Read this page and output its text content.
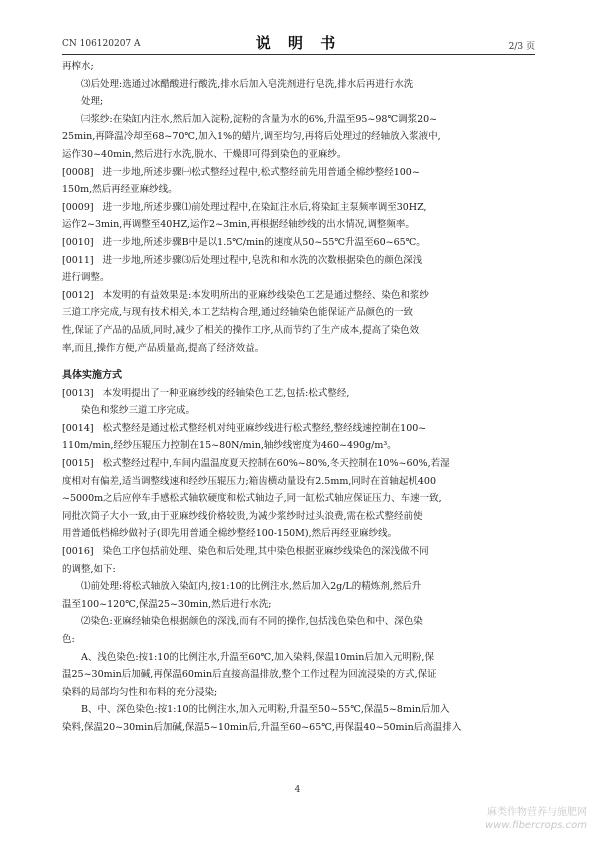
CN 106120207 A	说 明 书	2/3 页

再榨水;

⑶后处理:选通过冰醋酸进行酸洗,排水后加入皂洗剂进行皂洗,排水后再进行水洗

处理;

㈢浆纱:在染缸内注水,然后加入淀粉,淀粉的含量为水的6%,升温至95~98℃调浆20~

25min,再降温冷却至68~70℃,加入1%的蜡片,调至均匀,再将后处理过的经轴放入浆液中,

运作30~40min,然后进行水洗,脱水、干燥即可得到染色的亚麻纱。

[0008] 进一步地,所述步骤㈠松式整经过程中,松式整经前先用普通全棉纱整经100~

150m,然后再经亚麻纱线。

[0009] 进一步地,所述步骤⑴前处理过程中,在染缸注水后,将染缸主泵频率调至30HZ,

运作2~3min,再调整至40HZ,运作2~3min,再根据经轴纱线的出水情况,调整频率。

[0010] 进一步地,所述步骤B中是以1.5℃/min的速度从50~55℃升温至60~65℃。

[0011] 进一步地,所述步骤⑶后处理过程中,皂洗和和水洗的次数根据染色的颜色深浅

进行调整。

[0012] 本发明的有益效果是:本发明所出的亚麻纱线染色工艺是通过整经、染色和浆纱

三道工序完成,与现有技术相关,本工艺结构合理,通过经轴染色能保证产品颜色的一致

性,保证了产品的品质,同时,减少了相关的操作工序,从而节约了生产成本,提高了染色效

率,而且,操作方便,产品质量高,提高了经济效益。

具体实施方式

[0013] 本发明提出了一种亚麻纱线的经轴染色工艺,包括:松式整经,

染色和浆纱三道工序完成。

[0014] 松式整经是通过松式整经机对纯亚麻纱线进行松式整经,整经线速控制在100~

110m/min,经纱压辊压力控制在15~80N/min,轴纱线密度为460~490g/m³。

[0015] 松式整经过程中,车间内温温度夏天控制在60%~80%,冬天控制在10%~60%,若湿

度相对有偏差,适当调整线速和经纱压辊压力;箱齿横动量设有2.5mm,同时在首轴起机400

~5000m之后应停车手感松式轴软硬度和松式轴边子,同一缸松式轴应保证压力、车速一致,

同批次筒子大小一致,由于亚麻纱线价格较贵,为减少浆纱时过头浪费,需在松式整经前使

用普通低档棉纱做衬子(即先用普通全棉纱整经100-150M),然后再经亚麻纱线。

[0016] 染色工序包括前处理、染色和后处理,其中染色根据亚麻纱线染色的深浅做不同

的调整,如下:

⑴前处理:将松式轴放入染缸内,按1:10的比例注水,然后加入2g/L的精炼剂,然后升

温至100~120℃,保温25~30min,然后进行水洗;

⑵染色:亚麻经轴染色根据颜色的深浅,而有不同的操作,包括浅色染色和中、深色染

色:

A、浅色染色:按1:10的比例注水,升温至60℃,加入染料,保温10min后加入元明粉,保

温25~30min后加碱,再保温60min后直接高温排放,整个工作过程为回流浸染的方式,保证

染料的局部均匀性和布料的充分浸染;

B、中、深色染色:按1:10的比例注水,加入元明粉,升温至50~55℃,保温5~8min后加入

染料,保温20~30min后加碱,保温5~10min后,升温至60~65℃,再保温40~50min后高温排入

4
麻类作物营养与施肥网
www.fibercrops.com
